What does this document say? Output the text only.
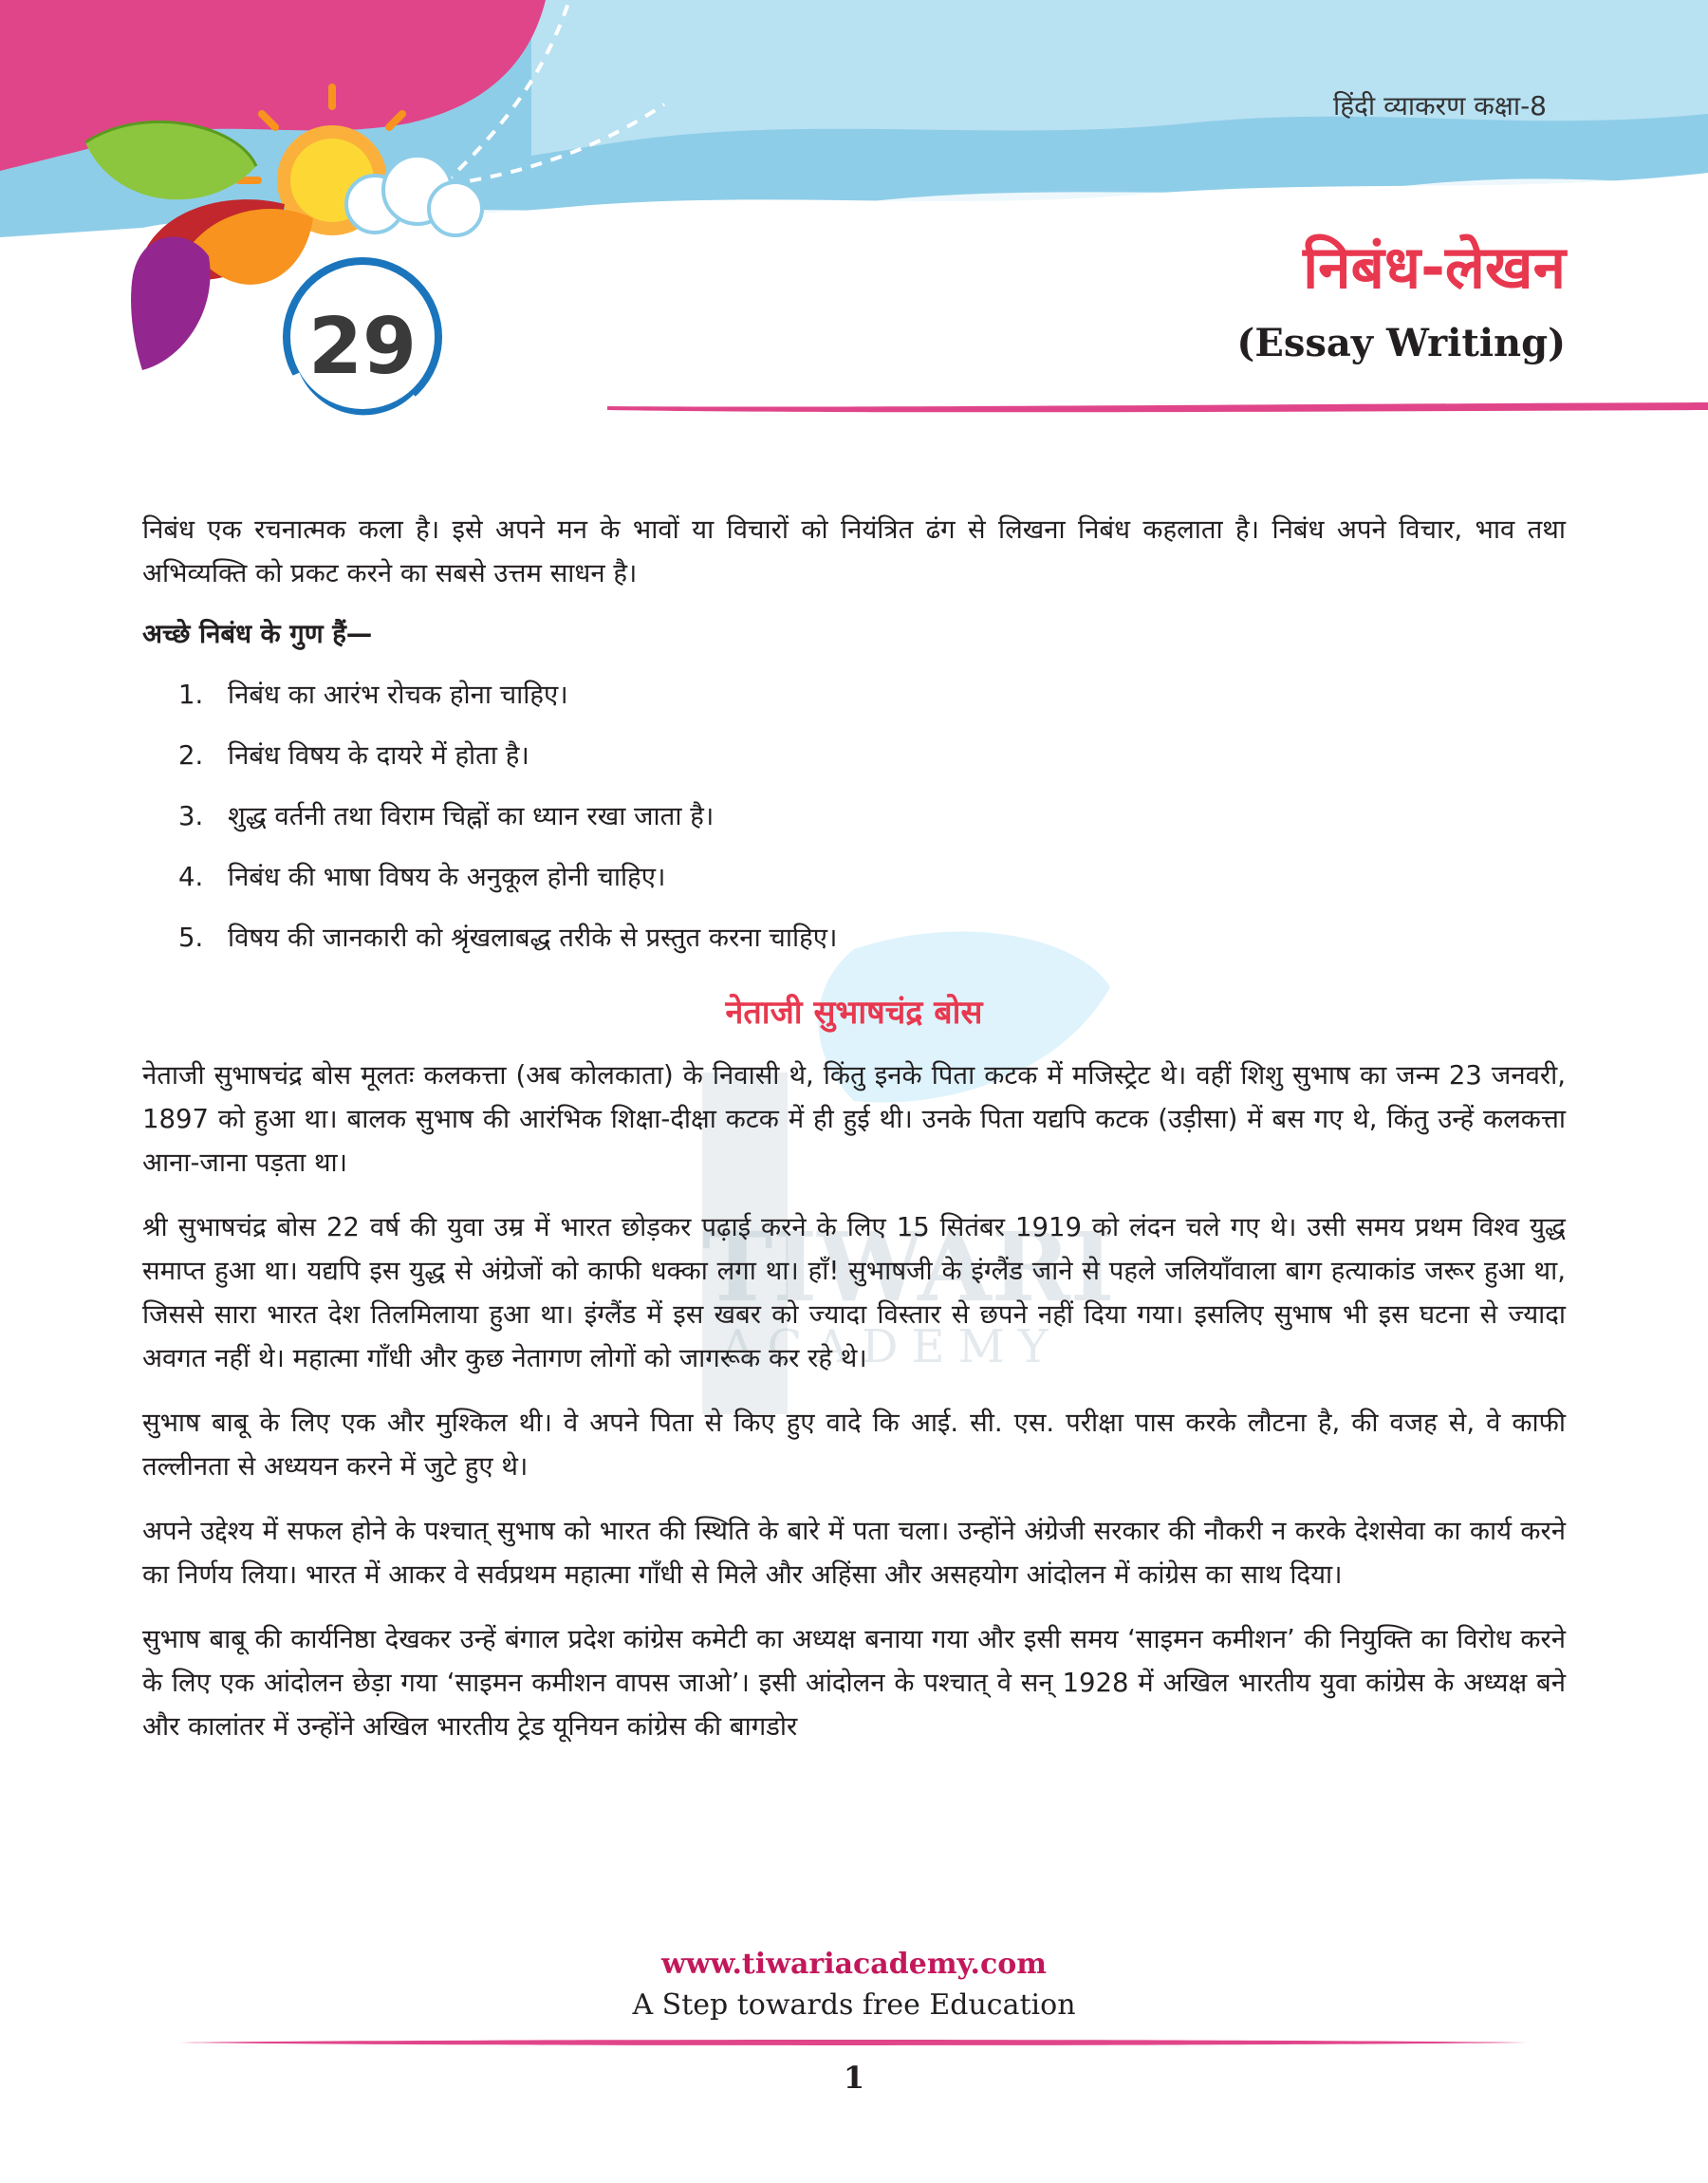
हिंदी व्याकरण कक्षा-8
29
निबंध-लेखन
(Essay Writing)
TIWARI
ACADEMY

निबंध एक रचनात्मक कला है। इसे अपने मन के भावों या विचारों को नियंत्रित ढंग से लिखना निबंध कहलाता है। निबंध अपने विचार, भाव तथा अभिव्यक्ति को प्रकट करने का सबसे उत्तम साधन है।

अच्छे निबंध के गुण हैं—
1. निबंध का आरंभ रोचक होना चाहिए।
2. निबंध विषय के दायरे में होता है।
3. शुद्ध वर्तनी तथा विराम चिह्नों का ध्यान रखा जाता है।
4. निबंध की भाषा विषय के अनुकूल होनी चाहिए।
5. विषय की जानकारी को श्रृंखलाबद्ध तरीके से प्रस्तुत करना चाहिए।
नेताजी सुभाषचंद्र बोस

नेताजी सुभाषचंद्र बोस मूलतः कलकत्ता (अब कोलकाता) के निवासी थे, किंतु इनके पिता कटक में मजिस्ट्रेट थे। वहीं शिशु सुभाष का जन्म 23 जनवरी, 1897 को हुआ था। बालक सुभाष की आरंभिक शिक्षा-दीक्षा कटक में ही हुई थी। उनके पिता यद्यपि कटक (उड़ीसा) में बस गए थे, किंतु उन्हें कलकत्ता आना-जाना पड़ता था।

श्री सुभाषचंद्र बोस 22 वर्ष की युवा उम्र में भारत छोड़कर पढ़ाई करने के लिए 15 सितंबर 1919 को लंदन चले गए थे। उसी समय प्रथम विश्व युद्ध समाप्त हुआ था। यद्यपि इस युद्ध से अंग्रेजों को काफी धक्का लगा था। हाँ! सुभाषजी के इंग्लैंड जाने से पहले जलियाँवाला बाग हत्याकांड जरूर हुआ था, जिससे सारा भारत देश तिलमिलाया हुआ था। इंग्लैंड में इस खबर को ज्यादा विस्तार से छपने नहीं दिया गया। इसलिए सुभाष भी इस घटना से ज्यादा अवगत नहीं थे। महात्मा गाँधी और कुछ नेतागण लोगों को जागरूक कर रहे थे।

सुभाष बाबू के लिए एक और मुश्किल थी। वे अपने पिता से किए हुए वादे कि आई. सी. एस. परीक्षा पास करके लौटना है, की वजह से, वे काफी तल्लीनता से अध्ययन करने में जुटे हुए थे।

अपने उद्देश्य में सफल होने के पश्चात् सुभाष को भारत की स्थिति के बारे में पता चला। उन्होंने अंग्रेजी सरकार की नौकरी न करके देशसेवा का कार्य करने का निर्णय लिया। भारत में आकर वे सर्वप्रथम महात्मा गाँधी से मिले और अहिंसा और असहयोग आंदोलन में कांग्रेस का साथ दिया।

सुभाष बाबू की कार्यनिष्ठा देखकर उन्हें बंगाल प्रदेश कांग्रेस कमेटी का अध्यक्ष बनाया गया और इसी समय ‘साइमन कमीशन’ की नियुक्ति का विरोध करने के लिए एक आंदोलन छेड़ा गया ‘साइमन कमीशन वापस जाओ’। इसी आंदोलन के पश्चात् वे सन् 1928 में अखिल भारतीय युवा कांग्रेस के अध्यक्ष बने और कालांतर में उन्होंने अखिल भारतीय ट्रेड यूनियन कांग्रेस की बागडोर

www.tiwariacademy.com
A Step towards free Education
1
